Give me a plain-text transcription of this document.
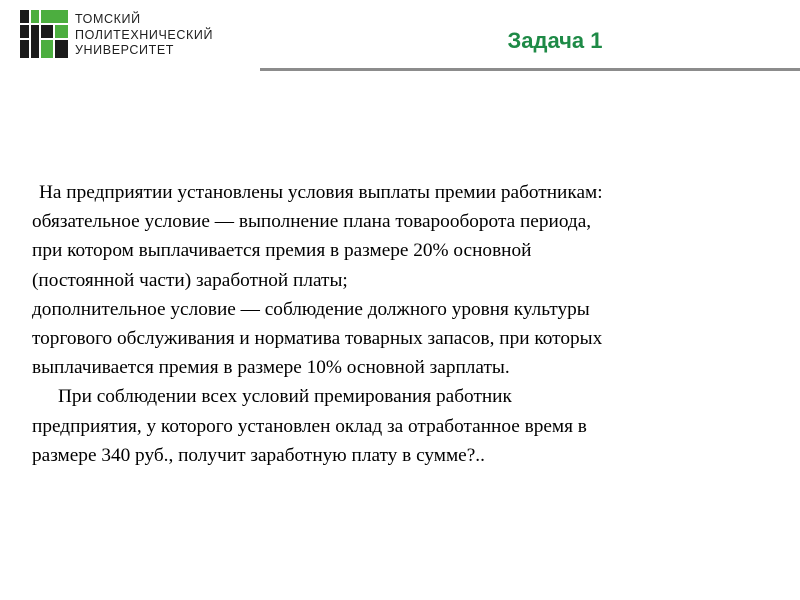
ТОМСКИЙ
ПОЛИТЕХНИЧЕСКИЙ
УНИВЕРСИТЕТ	Задача 1
На предприятии установлены условия выплаты премии работникам:
обязательное условие — выполнение плана товарооборота периода,
при котором выплачивается премия в размере 20% основной
(постоянной части) заработной платы;
дополнительное условие — соблюдение должного уровня культуры
торгового обслуживания и норматива товарных запасов, при которых
выплачивается премия в размере 10% основной зарплаты.
При соблюдении всех условий премирования работник
предприятия, у которого установлен оклад за отработанное время в
размере 340 руб., получит заработную плату в сумме?..
